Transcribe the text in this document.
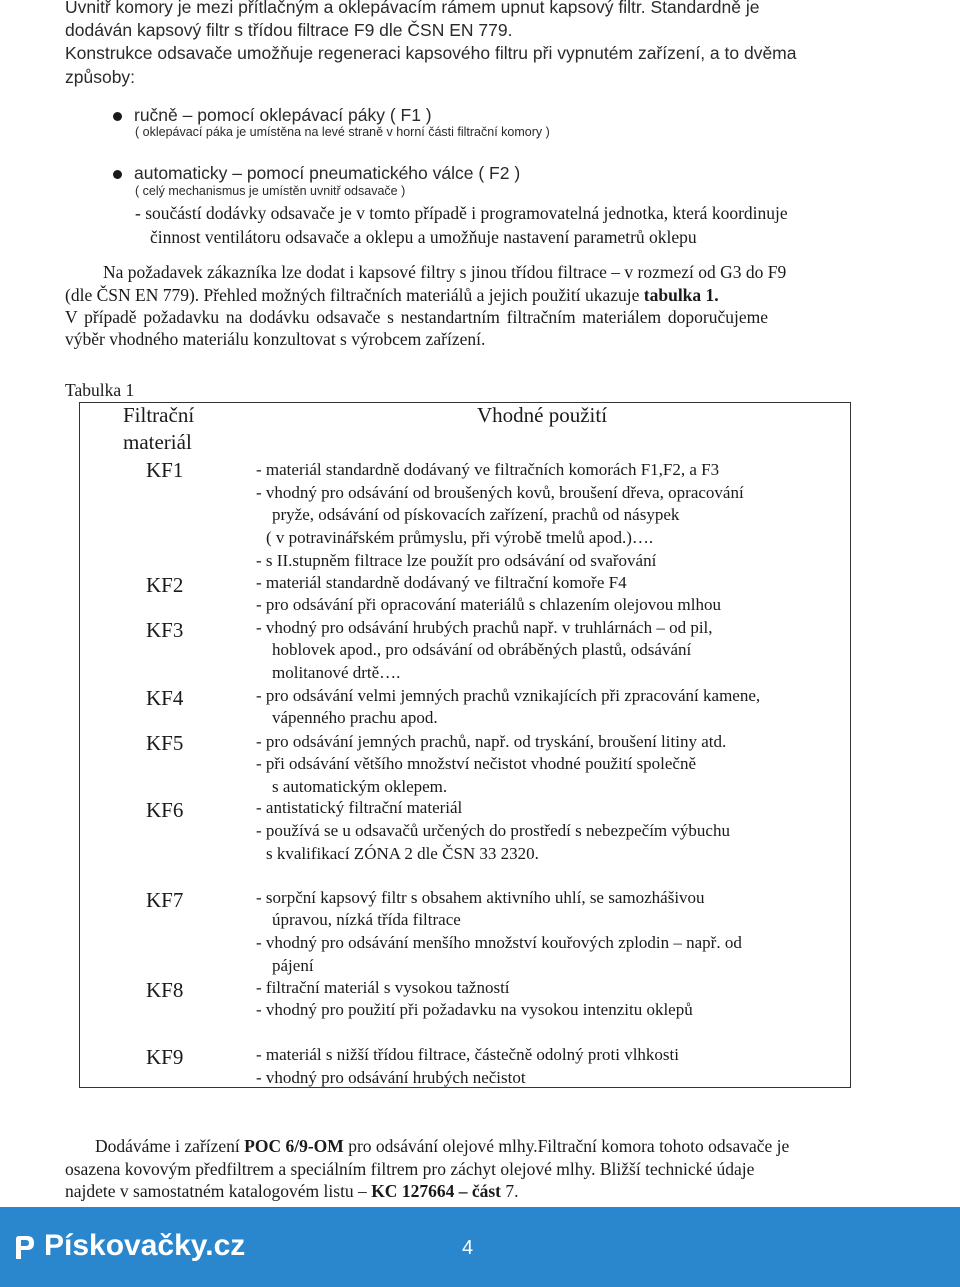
Uvnitř komory je mezi přítlačným a oklepávacím rámem upnut kapsový filtr. Standardně je
dodáván kapsový filtr s třídou filtrace F9 dle ČSN EN 779.
Konstrukce odsavače umožňuje regeneraci kapsového filtru při vypnutém zařízení, a to dvěma
způsoby:
ručně – pomocí oklepávací páky ( F1 )
( oklepávací páka je umístěna na levé straně v horní části filtrační komory )
automaticky – pomocí pneumatického válce ( F2 )
( celý mechanismus je umístěn uvnitř odsavače )
- součástí dodávky odsavače je v tomto případě i programovatelná jednotka, která koordinuje
činnost ventilátoru odsavače a oklepu a umožňuje nastavení parametrů oklepu
Na požadavek zákazníka lze dodat i kapsové filtry s jinou třídou filtrace – v rozmezí od G3 do F9
(dle ČSN EN 779). Přehled možných filtračních materiálů a jejich použití ukazuje tabulka 1.
V případě požadavku na dodávku odsavače s nestandartním filtračním materiálem doporučujeme
výběr vhodného materiálu konzultovat s výrobcem zařízení.
Tabulka 1
Filtrační
materiál
Vhodné použití
KF1	- materiál standardně dodávaný ve filtračních komorách F1,F2, a F3
- vhodný pro odsávání od broušených kovů, broušení dřeva, opracování
pryže, odsávání od pískovacích zařízení, prachů od násypek
( v potravinářském průmyslu, při výrobě tmelů apod.)….
- s II.stupněm filtrace lze použít pro odsávání od svařování
KF2	- materiál standardně dodávaný ve filtrační komoře F4
- pro odsávání při opracování materiálů s chlazením olejovou mlhou
KF3	- vhodný pro odsávání hrubých prachů např. v truhlárnách – od pil,
hoblovek apod., pro odsávání od obráběných plastů, odsávání
molitanové drtě….
KF4	- pro odsávání velmi jemných prachů vznikajících při zpracování kamene,
vápenného prachu apod.
KF5	- pro odsávání jemných prachů, např. od tryskání, broušení litiny atd.
- při odsávání většího množství nečistot vhodné použití společně
s automatickým oklepem.
KF6	- antistatický filtrační materiál
- používá se u odsavačů určených do prostředí s nebezpečím výbuchu
s kvalifikací ZÓNA 2 dle ČSN 33 2320.
KF7	- sorpční kapsový filtr s obsahem aktivního uhlí, se samozhášivou
úpravou, nízká třída filtrace
- vhodný pro odsávání menšího množství kouřových zplodin – např. od
pájení
KF8	- filtrační materiál s vysokou tažností
- vhodný pro použití při požadavku na vysokou intenzitu oklepů
KF9	- materiál s nižší třídou filtrace, částečně odolný proti vlhkosti
- vhodný pro odsávání hrubých nečistot
Dodáváme i zařízení POC 6/9-OM pro odsávání olejové mlhy.Filtrační komora tohoto odsavače je
osazena kovovým předfiltrem a speciálním filtrem pro záchyt olejové mlhy. Bližší technické údaje
najdete v samostatném katalogovém listu – KC 127664 – část 7.
Pískovačky.cz	4
